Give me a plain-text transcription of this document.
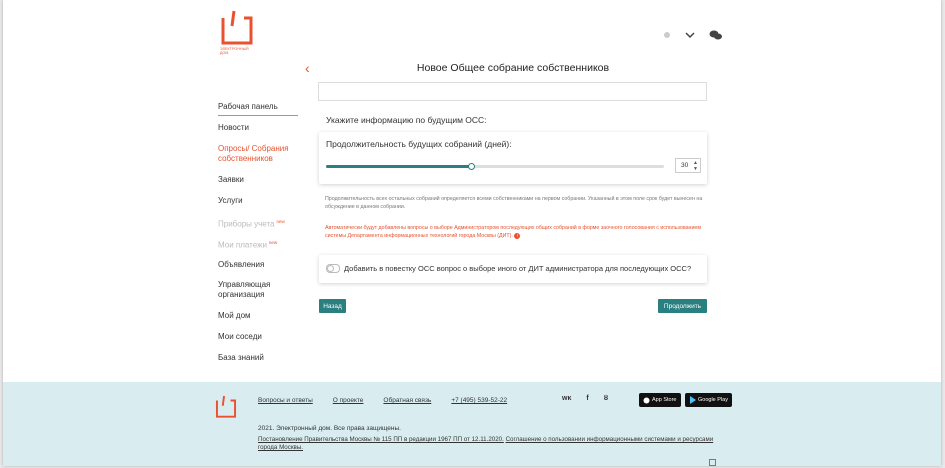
ЭЛЕКТРОННЫЙ
ДОМ
‹	Новое Общее собрание собственников
Рабочая панель
Новости
Опросы/ Собрания собственников
Заявки
Услуги
Приборы учета $^{new}$
Мои платежи $^{new}$
Объявления
Управляющая организация
Мой дом
Мои соседи
База знаний
Укажите информацию по будущим ОСС:
Продолжительность будущих собраний (дней):
30 ▲
▼
Продолжительность всех остальных собраний определяется всеми собственниками на первом собрании. Указанный в этом поле срок будет вынесен на обсуждение в данном собрании.
Автоматически будут добавлены вопросы о выборе Администратором последующих общих собраний в форме заочного голосования с использованием системы Департамента информационных технологий города Москвы (ДИТ). !
Добавить в повестку ОСС вопрос о выборе иного от ДИТ администратора для последующих ОСС?
Назад	Продолжить
Вопросы и ответы	О проекте	Обратная связь	+7 (495) 539-52-22	ᴡᴋ f ȣ	App Store	Google Play
2021. Электронный дом. Все права защищены.
Постановление Правительства Москвы № 115 ПП в редакции 1967 ПП от 12.11.2020. Соглашение о пользовании информационными системами и ресурсами города Москвы.
